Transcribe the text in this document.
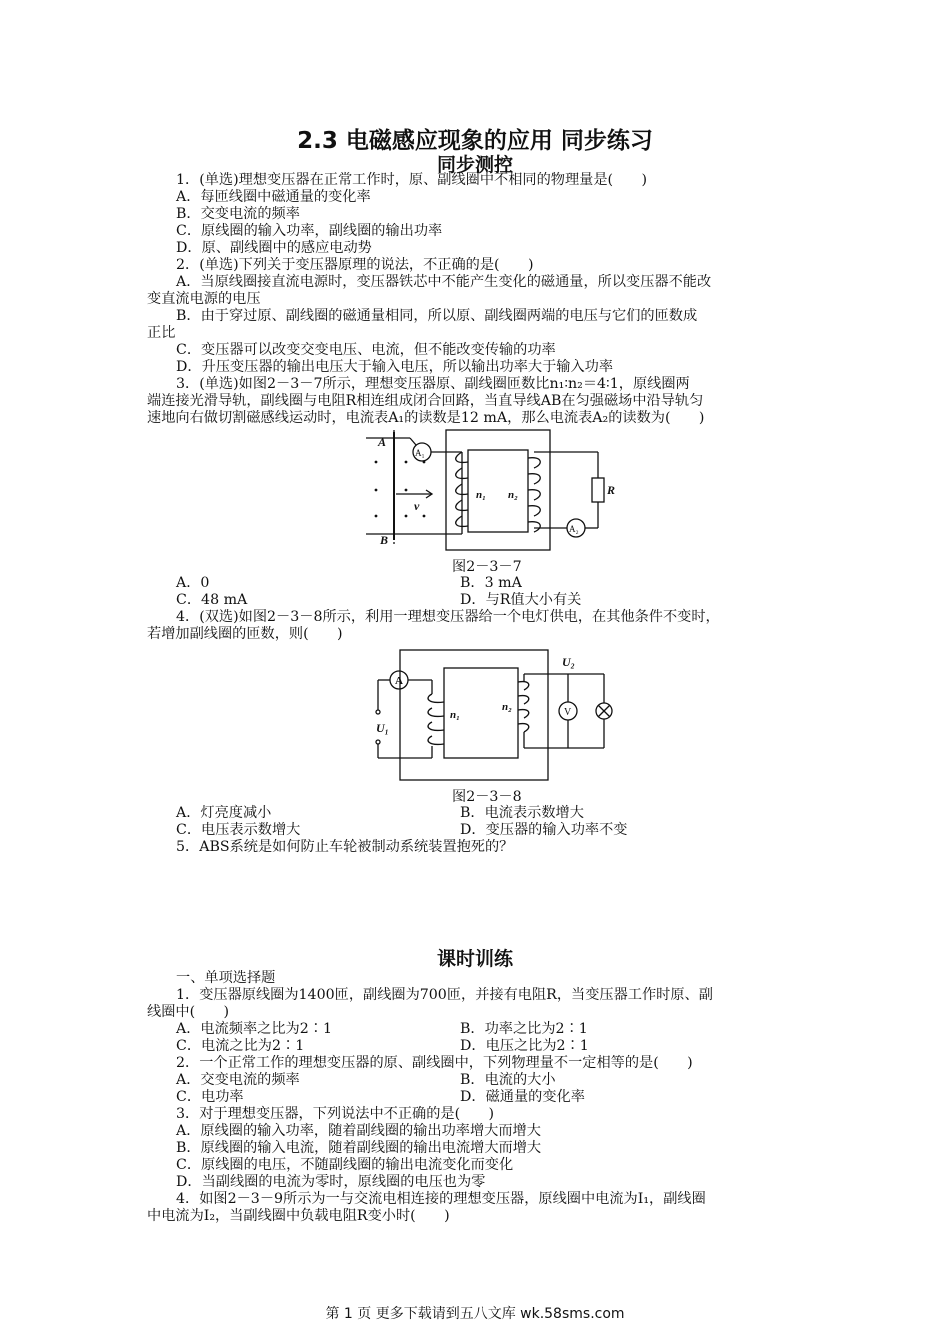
2.3 电磁感应现象的应用 同步练习
同步测控
1．(单选)理想变压器在正常工作时，原、副线圈中不相同的物理量是(　　)
A．每匝线圈中磁通量的变化率
B．交变电流的频率
C．原线圈的输入功率，副线圈的输出功率
D．原、副线圈中的感应电动势
2．(单选)下列关于变压器原理的说法，不正确的是(　　)
A．当原线圈接直流电源时，变压器铁芯中不能产生变化的磁通量，所以变压器不能改
变直流电源的电压
B．由于穿过原、副线圈的磁通量相同，所以原、副线圈两端的电压与它们的匝数成
正比
C．变压器可以改变交变电压、电流，但不能改变传输的功率
D．升压变压器的输出电压大于输入电压，所以输出功率大于输入功率
3．(单选)如图2－3－7所示，理想变压器原、副线圈匝数比n₁∶n₂＝4∶1，原线圈两
端连接光滑导轨，副线圈与电阻R相连组成闭合回路，当直导线AB在匀强磁场中沿导轨匀
速地向右做切割磁感线运动时，电流表A₁的读数是12 mA，那么电流表A₂的读数为(　　)
A
B
v
n₁ n₂	R
A₁
A₂
图2－3－7
A．0	B．3 mA
C．48 mA	D．与R值大小有关
4．(双选)如图2－3－8所示，利用一理想变压器给一个电灯供电，在其他条件不变时，
若增加副线圈的匝数，则(　　)
A
U₁
U₂
n₁
n₂	V
图2－3－8
A．灯亮度减小	B．电流表示数增大
C．电压表示数增大	D．变压器的输入功率不变
5．ABS系统是如何防止车轮被制动系统装置抱死的？
课时训练
一、单项选择题
1．变压器原线圈为1400匝，副线圈为700匝，并接有电阻R，当变压器工作时原、副
线圈中(　　)
A．电流频率之比为2∶1	B．功率之比为2∶1
C．电流之比为2∶1	D．电压之比为2∶1
2．一个正常工作的理想变压器的原、副线圈中，下列物理量不一定相等的是(　　)
A．交变电流的频率	B．电流的大小
C．电功率	D．磁通量的变化率
3．对于理想变压器，下列说法中不正确的是(　　)
A．原线圈的输入功率，随着副线圈的输出功率增大而增大
B．原线圈的输入电流，随着副线圈的输出电流增大而增大
C．原线圈的电压，不随副线圈的输出电流变化而变化
D．当副线圈的电流为零时，原线圈的电压也为零
4．如图2－3－9所示为一与交流电相连接的理想变压器，原线圈中电流为I₁，副线圈
中电流为I₂，当副线圈中负载电阻R变小时(　　)
第 1 页 更多下载请到五八文库 wk.58sms.com
